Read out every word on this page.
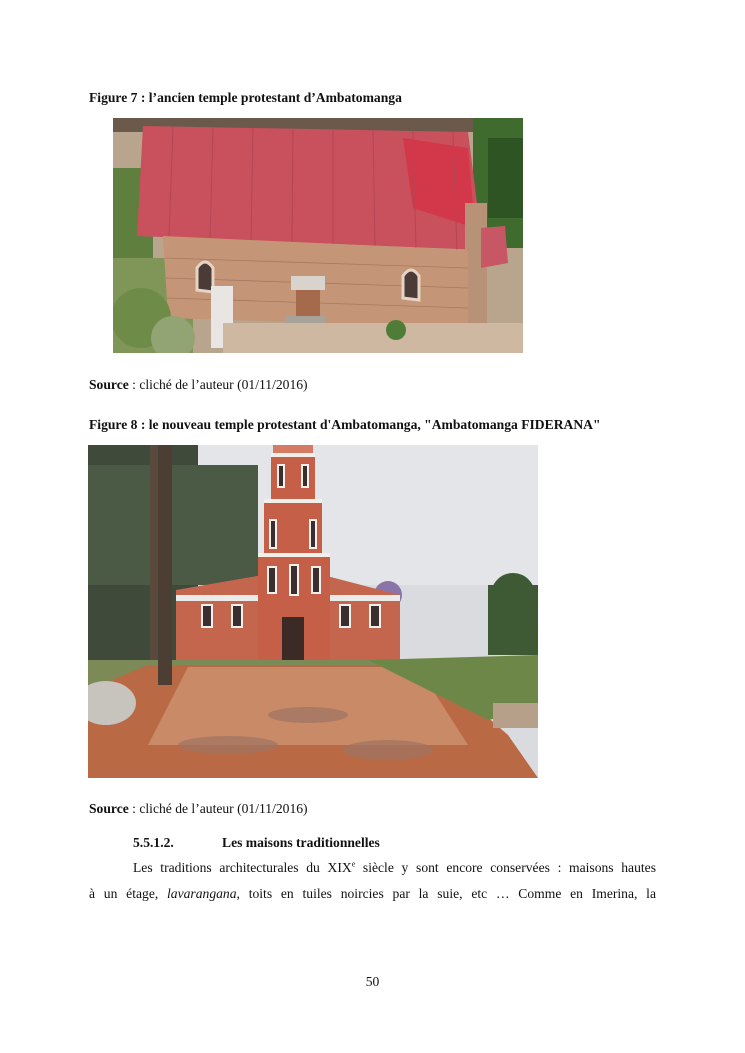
Figure 7 : l’ancien temple protestant d’Ambatomanga
Source : cliché de l’auteur (01/11/2016)
Figure 8 : le nouveau temple protestant d'Ambatomanga, "Ambatomanga FIDERANA"
Source : cliché de l’auteur (01/11/2016)
5.5.1.2.	Les maisons traditionnelles
Les traditions architecturales du XIXe siècle y sont encore conservées : maisons hautes
à un étage, lavarangana, toits en tuiles noircies par la suie, etc … Comme en Imerina, la
50
